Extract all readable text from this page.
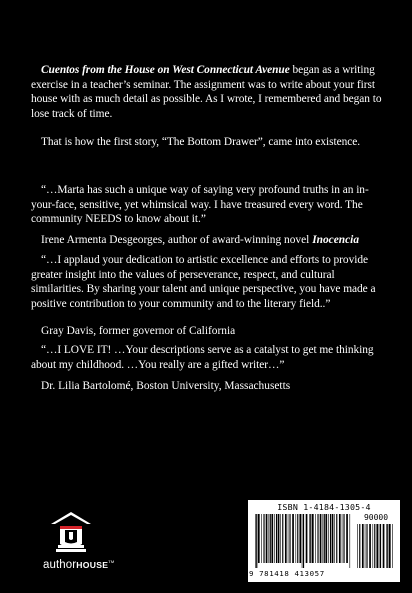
Cuentos from the House on West Connecticut Avenue began as a writing exercise in a teacher’s seminar. The assignment was to write about your first house with as much detail as possible. As I wrote, I remembered and began to lose track of time.

That is how the first story, “The Bottom Drawer”, came into existence.

“…Marta has such a unique way of saying very profound truths in an in-your-face, sensitive, yet whimsical way. I have treasured every word. The community NEEDS to know about it.”

Irene Armenta Desgeorges, author of award-winning novel Inocencia

“…I applaud your dedication to artistic excellence and efforts to provide greater insight into the values of perseverance, respect, and cultural similarities. By sharing your talent and unique perspective, you have made a positive contribution to your community and to the literary field..”

Gray Davis, former governor of California

“…I LOVE IT! …Your descriptions serve as a catalyst to get me thinking about my childhood. …You really are a gifted writer…”

Dr. Lilia Bartolomé, Boston University, Massachusetts

authorHOUSE™
ISBN 1-4184-1305-4
90000
9 781418 413057
